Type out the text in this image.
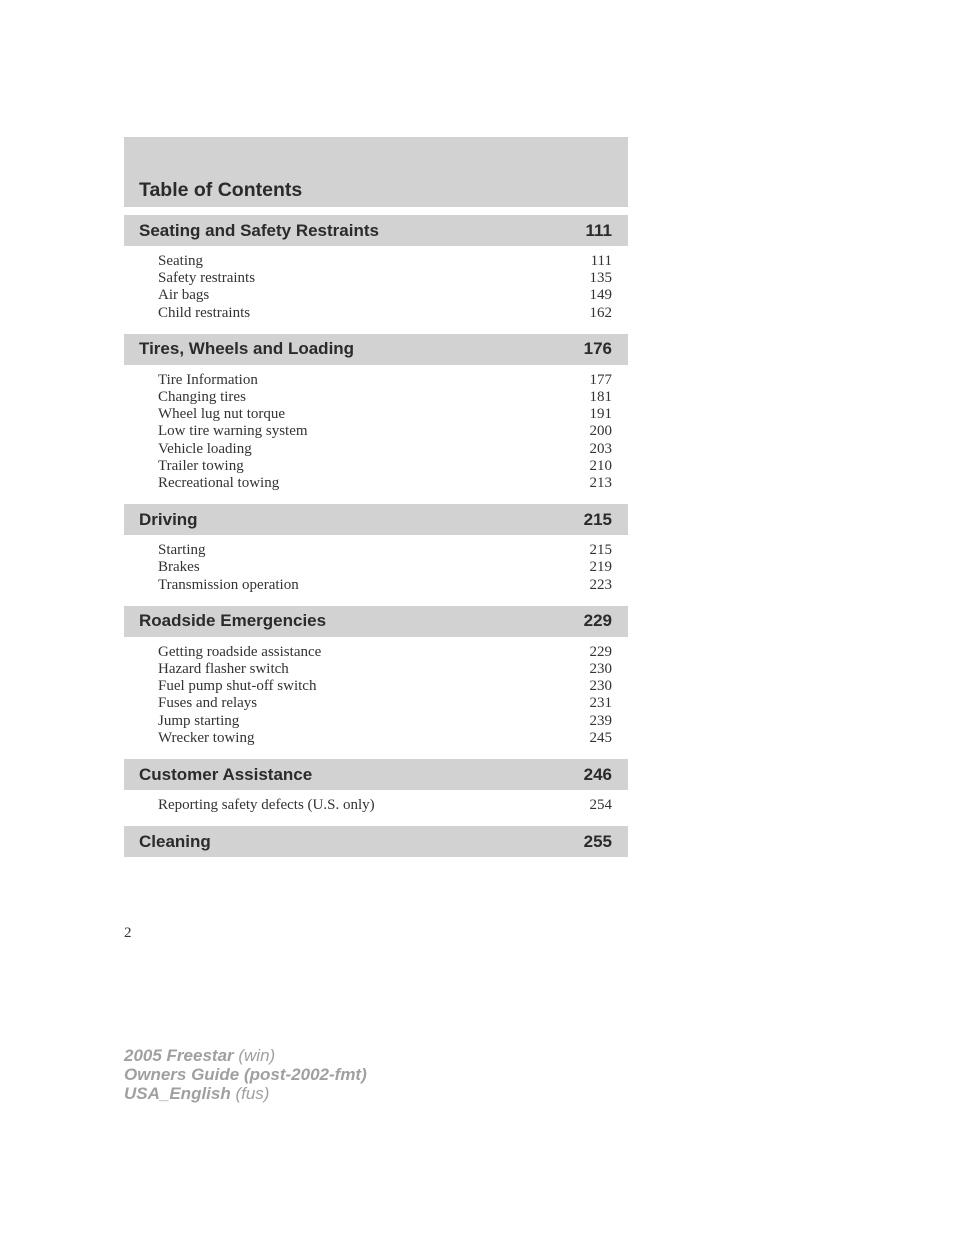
Table of Contents
Seating and Safety Restraints	111
Seating	111
Safety restraints	135
Air bags	149
Child restraints	162
Tires, Wheels and Loading	176
Tire Information	177
Changing tires	181
Wheel lug nut torque	191
Low tire warning system	200
Vehicle loading	203
Trailer towing	210
Recreational towing	213
Driving	215
Starting	215
Brakes	219
Transmission operation	223
Roadside Emergencies	229
Getting roadside assistance	229
Hazard flasher switch	230
Fuel pump shut-off switch	230
Fuses and relays	231
Jump starting	239
Wrecker towing	245
Customer Assistance	246
Reporting safety defects (U.S. only)	254
Cleaning	255
2
2005 Freestar (win)
Owners Guide (post-2002-fmt)
USA_English (fus)
